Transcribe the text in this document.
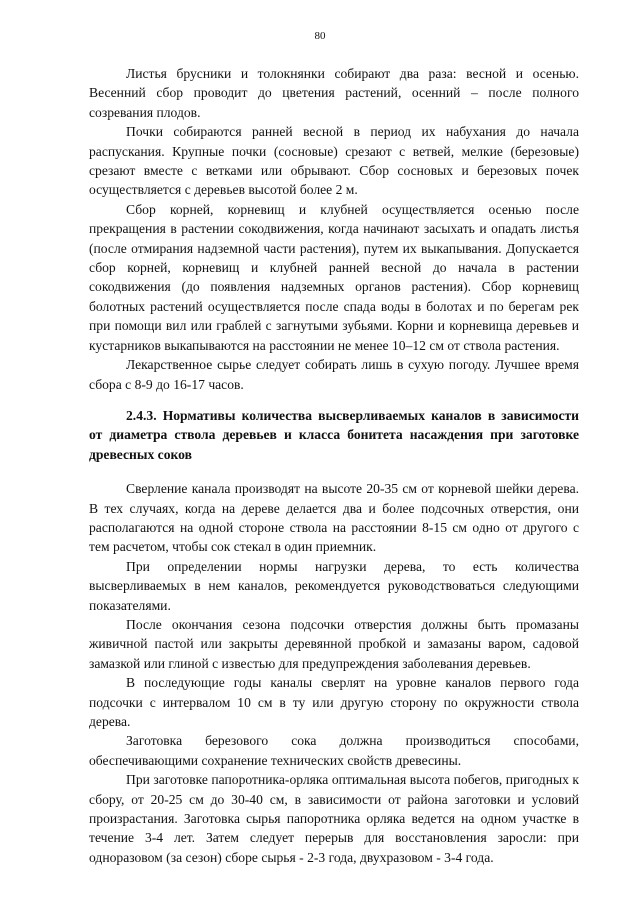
80

Листья брусники и толокнянки собирают два раза: весной и осенью. Весенний сбор проводит до цветения растений, осенний – после полного созревания плодов.

Почки собираются ранней весной в период их набухания до начала распускания. Крупные почки (сосновые) срезают с ветвей, мелкие (березовые) срезают вместе с ветками или обрывают. Сбор сосновых и березовых почек осуществляется с деревьев высотой более 2 м.

Сбор корней, корневищ и клубней осуществляется осенью после прекращения в растении сокодвижения, когда начинают засыхать и опадать листья (после отмирания надземной части растения), путем их выкапывания. Допускается сбор корней, корневищ и клубней ранней весной до начала в растении сокодвижения (до появления надземных органов растения). Сбор корневищ болотных растений осуществляется после спада воды в болотах и по берегам рек при помощи вил или граблей с загнутыми зубьями. Корни и корневища деревьев и кустарников выкапываются на расстоянии не менее 10–12 см от ствола растения.

Лекарственное сырье следует собирать лишь в сухую погоду. Лучшее время сбора с 8-9 до 16-17 часов.

2.4.3. Нормативы количества высверливаемых каналов в зависимости от диаметра ствола деревьев и класса бонитета насаждения при заготовке древесных соков

Сверление канала производят на высоте 20-35 см от корневой шейки дерева. В тех случаях, когда на дереве делается два и более подсочных отверстия, они располагаются на одной стороне ствола на расстоянии 8-15 см одно от другого с тем расчетом, чтобы сок стекал в один приемник.

При определении нормы нагрузки дерева, то есть количества высверливаемых в нем каналов, рекомендуется руководствоваться следующими показателями.

После окончания сезона подсочки отверстия должны быть промазаны живичной пастой или закрыты деревянной пробкой и замазаны варом, садовой замазкой или глиной с известью для предупреждения заболевания деревьев.

В последующие годы каналы сверлят на уровне каналов первого года подсочки с интервалом 10 см в ту или другую сторону по окружности ствола дерева.

Заготовка березового сока должна производиться способами, обеспечивающими сохранение технических свойств древесины.

При заготовке папоротника-орляка оптимальная высота побегов, пригодных к сбору, от 20-25 см до 30-40 см, в зависимости от района заготовки и условий произрастания. Заготовка сырья папоротника орляка ведется на одном участке в течение 3-4 лет. Затем следует перерыв для восстановления заросли: при одноразовом (за сезон) сборе сырья - 2-3 года, двухразовом - 3-4 года.
